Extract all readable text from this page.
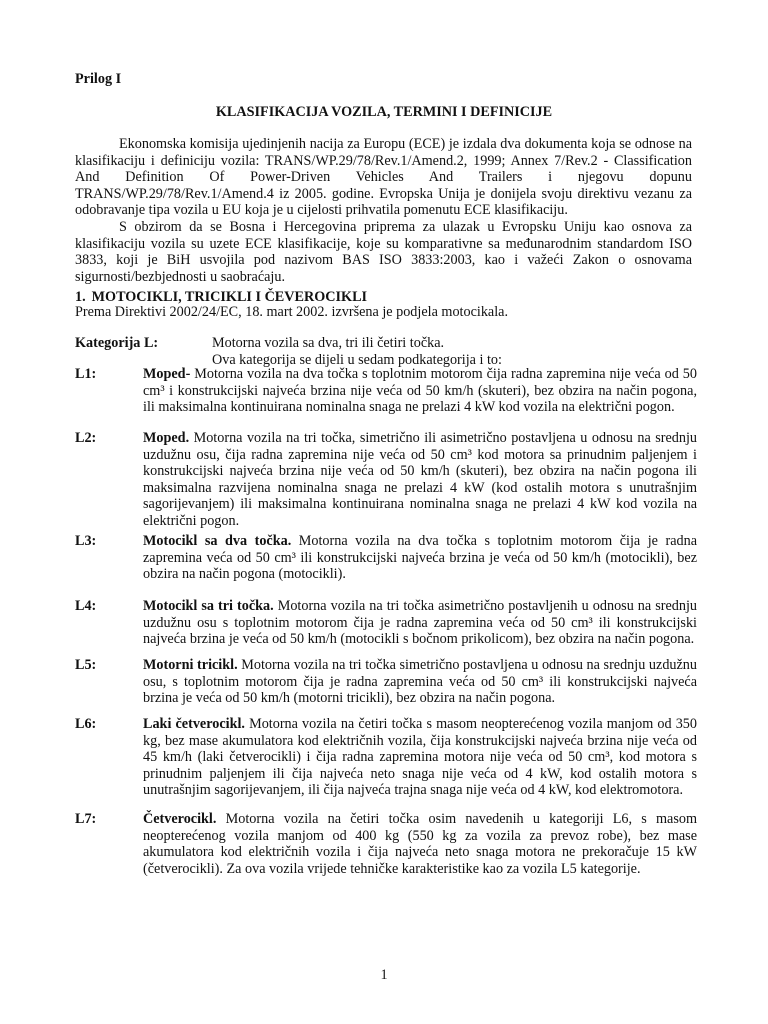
Prilog I
KLASIFIKACIJA VOZILA, TERMINI I DEFINICIJE

Ekonomska komisija ujedinjenih nacija za Europu (ECE) je izdala dva dokumenta koja se odnose na klasifikaciju i definiciju vozila: TRANS/WP.29/78/Rev.1/Amend.2, 1999; Annex 7/Rev.2 - Classification And Definition Of Power-Driven Vehicles And Trailers i njegovu dopunu TRANS/WP.29/78/Rev.1/Amend.4 iz 2005. godine. Evropska Unija je donijela svoju direktivu vezanu za odobravanje tipa vozila u EU koja je u cijelosti prihvatila pomenutu ECE klasifikaciju.

S obzirom da se Bosna i Hercegovina priprema za ulazak u Evropsku Uniju kao osnova za klasifikaciju vozila su uzete ECE klasifikacije, koje su komparativne sa međunarodnim standardom ISO 3833, koji je BiH usvojila pod nazivom BAS ISO 3833:2003, kao i važeći Zakon o osnovama sigurnosti/bezbjednosti u saobraćaju.

1. MOTOCIKLI, TRICIKLI I ČEVEROCIKLI
Prema Direktivi 2002/24/EC, 18. mart 2002. izvršena je podjela motocikala.
Kategorija L:	Motorna vozila sa dva, tri ili četiri točka.
Ova kategorija se dijeli u sedam podkategorija i to:
L1:	Moped- Motorna vozila na dva točka s toplotnim motorom čija radna zapremina nije veća od 50 cm³ i konstrukcijski najveća brzina nije veća od 50 km/h (skuteri), bez obzira na način pogona, ili maksimalna kontinuirana nominalna snaga ne prelazi 4 kW kod vozila na električni pogon.
L2:	Moped. Motorna vozila na tri točka, simetrično ili asimetrično postavljena u odnosu na srednju uzdužnu osu, čija radna zapremina nije veća od 50 cm³ kod motora sa prinudnim paljenjem i konstrukcijski najveća brzina nije veća od 50 km/h (skuteri), bez obzira na način pogona ili maksimalna razvijena nominalna snaga ne prelazi 4 kW (kod ostalih motora s unutrašnjim sagorijevanjem) ili maksimalna kontinuirana nominalna snaga ne prelazi 4 kW kod vozila na električni pogon.
L3:	Motocikl sa dva točka. Motorna vozila na dva točka s toplotnim motorom čija je radna zapremina veća od 50 cm³ ili konstrukcijski najveća brzina je veća od 50 km/h (motocikli), bez obzira na način pogona (motocikli).
L4:	Motocikl sa tri točka. Motorna vozila na tri točka asimetrično postavljenih u odnosu na srednju uzdužnu osu s toplotnim motorom čija je radna zapremina veća od 50 cm³ ili konstrukcijski najveća brzina je veća od 50 km/h (motocikli s bočnom prikolicom), bez obzira na način pogona.
L5:	Motorni tricikl. Motorna vozila na tri točka simetrično postavljena u odnosu na srednju uzdužnu osu, s toplotnim motorom čija je radna zapremina veća od 50 cm³ ili konstrukcijski najveća brzina je veća od 50 km/h (motorni tricikli), bez obzira na način pogona.
L6:	Laki četverocikl. Motorna vozila na četiri točka s masom neopterećenog vozila manjom od 350 kg, bez mase akumulatora kod električnih vozila, čija konstrukcijski najveća brzina nije veća od 45 km/h (laki četverocikli) i čija radna zapremina motora nije veća od 50 cm³, kod motora s prinudnim paljenjem ili čija najveća neto snaga nije veća od 4 kW, kod ostalih motora s unutrašnjim sagorijevanjem, ili čija najveća trajna snaga nije veća od 4 kW, kod elektromotora.
L7:	Četverocikl. Motorna vozila na četiri točka osim navedenih u kategoriji L6, s masom neopterećenog vozila manjom od 400 kg (550 kg za vozila za prevoz robe), bez mase akumulatora kod električnih vozila i čija najveća neto snaga motora ne prekoračuje 15 kW (četverocikli). Za ova vozila vrijede tehničke karakteristike kao za vozila L5 kategorije.
1
